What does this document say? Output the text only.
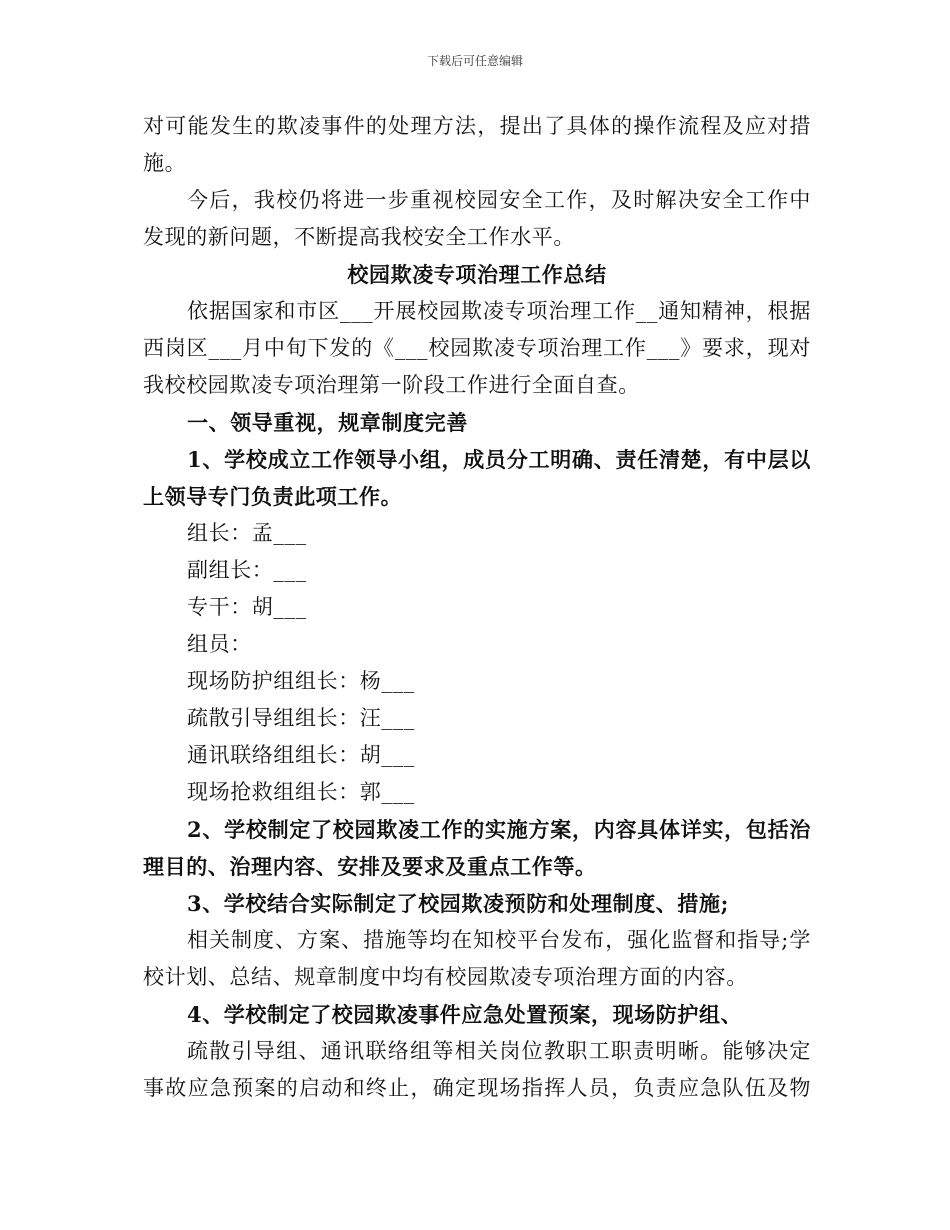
下载后可任意编辑
对可能发生的欺凌事件的处理方法，提出了具体的操作流程及应对措
施。
今后，我校仍将进一步重视校园安全工作，及时解决安全工作中
发现的新问题，不断提高我校安全工作水平。
校园欺凌专项治理工作总结
依据国家和市区___开展校园欺凌专项治理工作__通知精神，根据
西岗区___月中旬下发的《___校园欺凌专项治理工作___》要求，现对
我校校园欺凌专项治理第一阶段工作进行全面自查。
一、领导重视，规章制度完善
1、学校成立工作领导小组，成员分工明确、责任清楚，有中层以
上领导专门负责此项工作。
组长：孟___
副组长：___
专干：胡___
组员：
现场防护组组长：杨___
疏散引导组组长：汪___
通讯联络组组长：胡___
现场抢救组组长：郭___
2、学校制定了校园欺凌工作的实施方案，内容具体详实，包括治
理目的、治理内容、安排及要求及重点工作等。
3、学校结合实际制定了校园欺凌预防和处理制度、措施;
相关制度、方案、措施等均在知校平台发布，强化监督和指导;学
校计划、总结、规章制度中均有校园欺凌专项治理方面的内容。
4、学校制定了校园欺凌事件应急处置预案，现场防护组、
疏散引导组、通讯联络组等相关岗位教职工职责明晰。能够决定
事故应急预案的启动和终止，确定现场指挥人员，负责应急队伍及物
